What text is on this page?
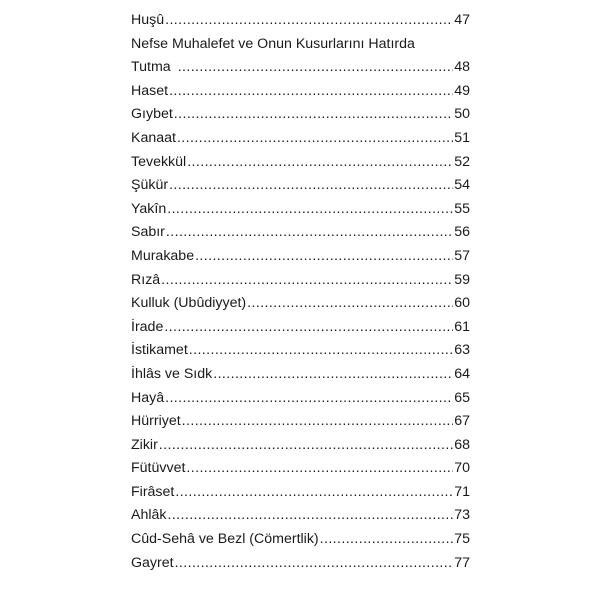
Huşû .....	47
Nefse Muhalefet ve Onun Kusurlarını Hatırda
Tutma .....	48
Haset .....	49
Gıybet .....	50
Kanaat .....	51
Tevekkül .....	52
Şükür .....	54
Yakîn .....	55
Sabır .....	56
Murakabe .....	57
Rızâ .....	59
Kulluk (Ubûdiyyet) .....	60
İrade .....	61
İstikamet .....	63
İhlâs ve Sıdk .....	64
Hayâ .....	65
Hürriyet .....	67
Zikir .....	68
Fütüvvet .....	70
Firâset .....	71
Ahlâk .....	73
Cûd-Sehâ ve Bezl (Cömertlik) .....	75
Gayret .....	77
